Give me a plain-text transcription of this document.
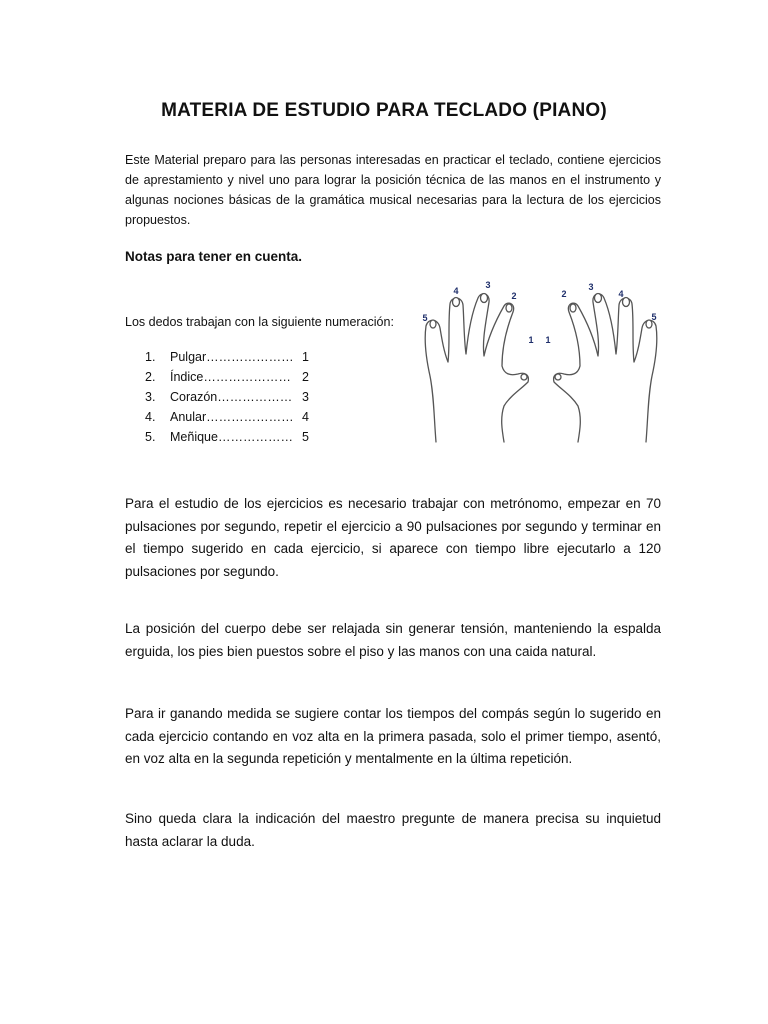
MATERIA DE ESTUDIO PARA TECLADO (PIANO)
Este Material preparo para las personas interesadas en practicar el teclado, contiene ejercicios de aprestamiento y nivel uno para lograr la posición técnica de las manos en el instrumento y algunas nociones básicas de la gramática musical necesarias para la lectura de los ejercicios propuestos.
Notas para tener en cuenta.
Los dedos trabajan con la siguiente numeración:
1. Pulgar………………… 1
2. Índice………………… 2
3. Corazón……………… 3
4. Anular………………… 4
5. Meñique……………… 5
5
4
3
2
1 1
2
3
4
5
Para el estudio de los ejercicios es necesario trabajar con metrónomo, empezar en 70 pulsaciones por segundo, repetir el ejercicio a 90 pulsaciones por segundo y terminar en el tiempo sugerido en cada ejercicio, si aparece con tiempo libre ejecutarlo a 120 pulsaciones por segundo.
La posición del cuerpo debe ser relajada sin generar tensión, manteniendo la espalda erguida, los pies bien puestos sobre el piso y las manos con una caida natural.
Para ir ganando medida se sugiere contar los tiempos del compás según lo sugerido en cada ejercicio contando en voz alta en la primera pasada, solo el primer tiempo, asentó, en voz alta en la segunda repetición y mentalmente en la última repetición.
Sino queda clara la indicación del maestro pregunte de manera precisa su inquietud hasta aclarar la duda.
